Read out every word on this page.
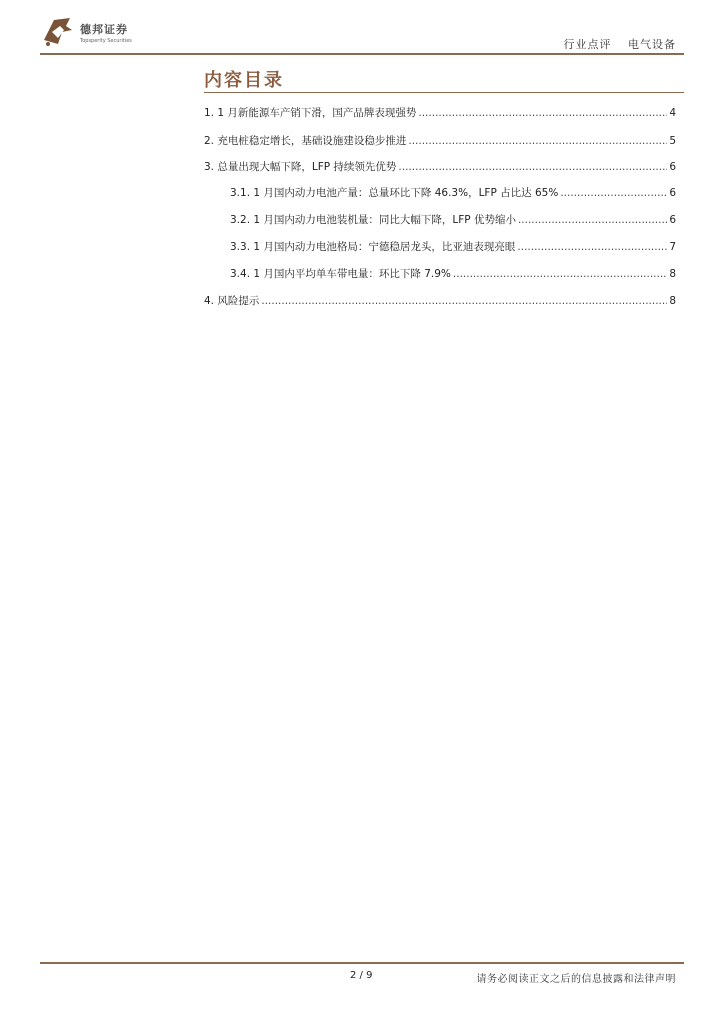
德邦证券
Topsperity Securities	行业点评 电气设备
内容目录
1. 1 月新能源车产销下滑，国产品牌表现强势 .....	4
2. 充电桩稳定增长，基础设施建设稳步推进 .....	5
3. 总量出现大幅下降，LFP 持续领先优势 .....	6
3.1. 1 月国内动力电池产量：总量环比下降 46.3%，LFP 占比达 65% .....	6
3.2. 1 月国内动力电池装机量：同比大幅下降，LFP 优势缩小 .....	6
3.3. 1 月国内动力电池格局：宁德稳居龙头，比亚迪表现亮眼 .....	7
3.4. 1 月国内平均单车带电量：环比下降 7.9% .....	8
4. 风险提示 .....	8
2 / 9	请务必阅读正文之后的信息披露和法律声明
